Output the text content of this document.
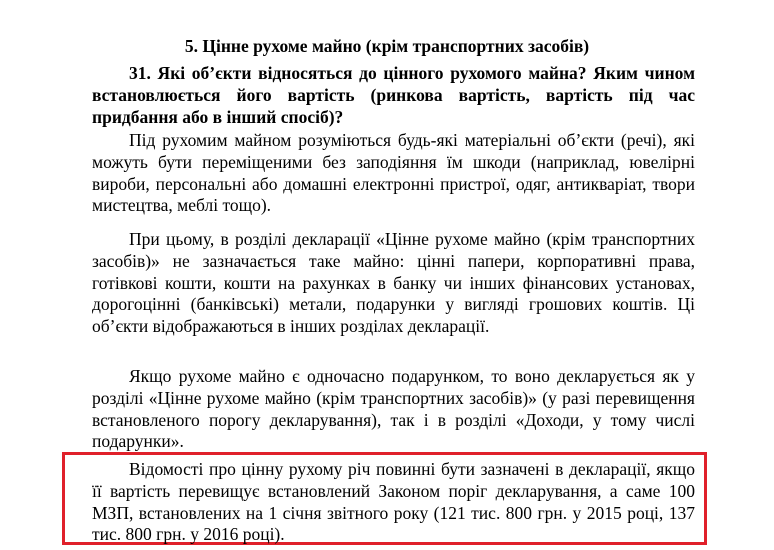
5. Цінне рухоме майно (крім транспортних засобів)

31. Які об’єкти відносяться до цінного рухомого майна? Яким чином встановлюється його вартість (ринкова вартість, вартість під час придбання або в інший спосіб)?

Під рухомим майном розуміються будь-які матеріальні об’єкти (речі), які можуть бути переміщеними без заподіяння їм шкоди (наприклад, ювелірні вироби, персональні або домашні електронні пристрої, одяг, антикваріат, твори мистецтва, меблі тощо).

При цьому, в розділі декларації «Цінне рухоме майно (крім транспортних засобів)» не зазначається таке майно: цінні папери, корпоративні права, готівкові кошти, кошти на рахунках в банку чи інших фінансових установах, дорогоцінні (банківські) метали, подарунки у вигляді грошових коштів. Ці об’єкти відображаються в інших розділах декларації.

Якщо рухоме майно є одночасно подарунком, то воно декларується як у розділі «Цінне рухоме майно (крім транспортних засобів)» (у разі перевищення встановленого порогу декларування), так і в розділі «Доходи, у тому числі подарунки».

Відомості про цінну рухому річ повинні бути зазначені в декларації, якщо її вартість перевищує встановлений Законом поріг декларування, а саме 100 МЗП, встановлених на 1 січня звітного року (121 тис. 800 грн. у 2015 році, 137 тис. 800 грн. у 2016 році).
